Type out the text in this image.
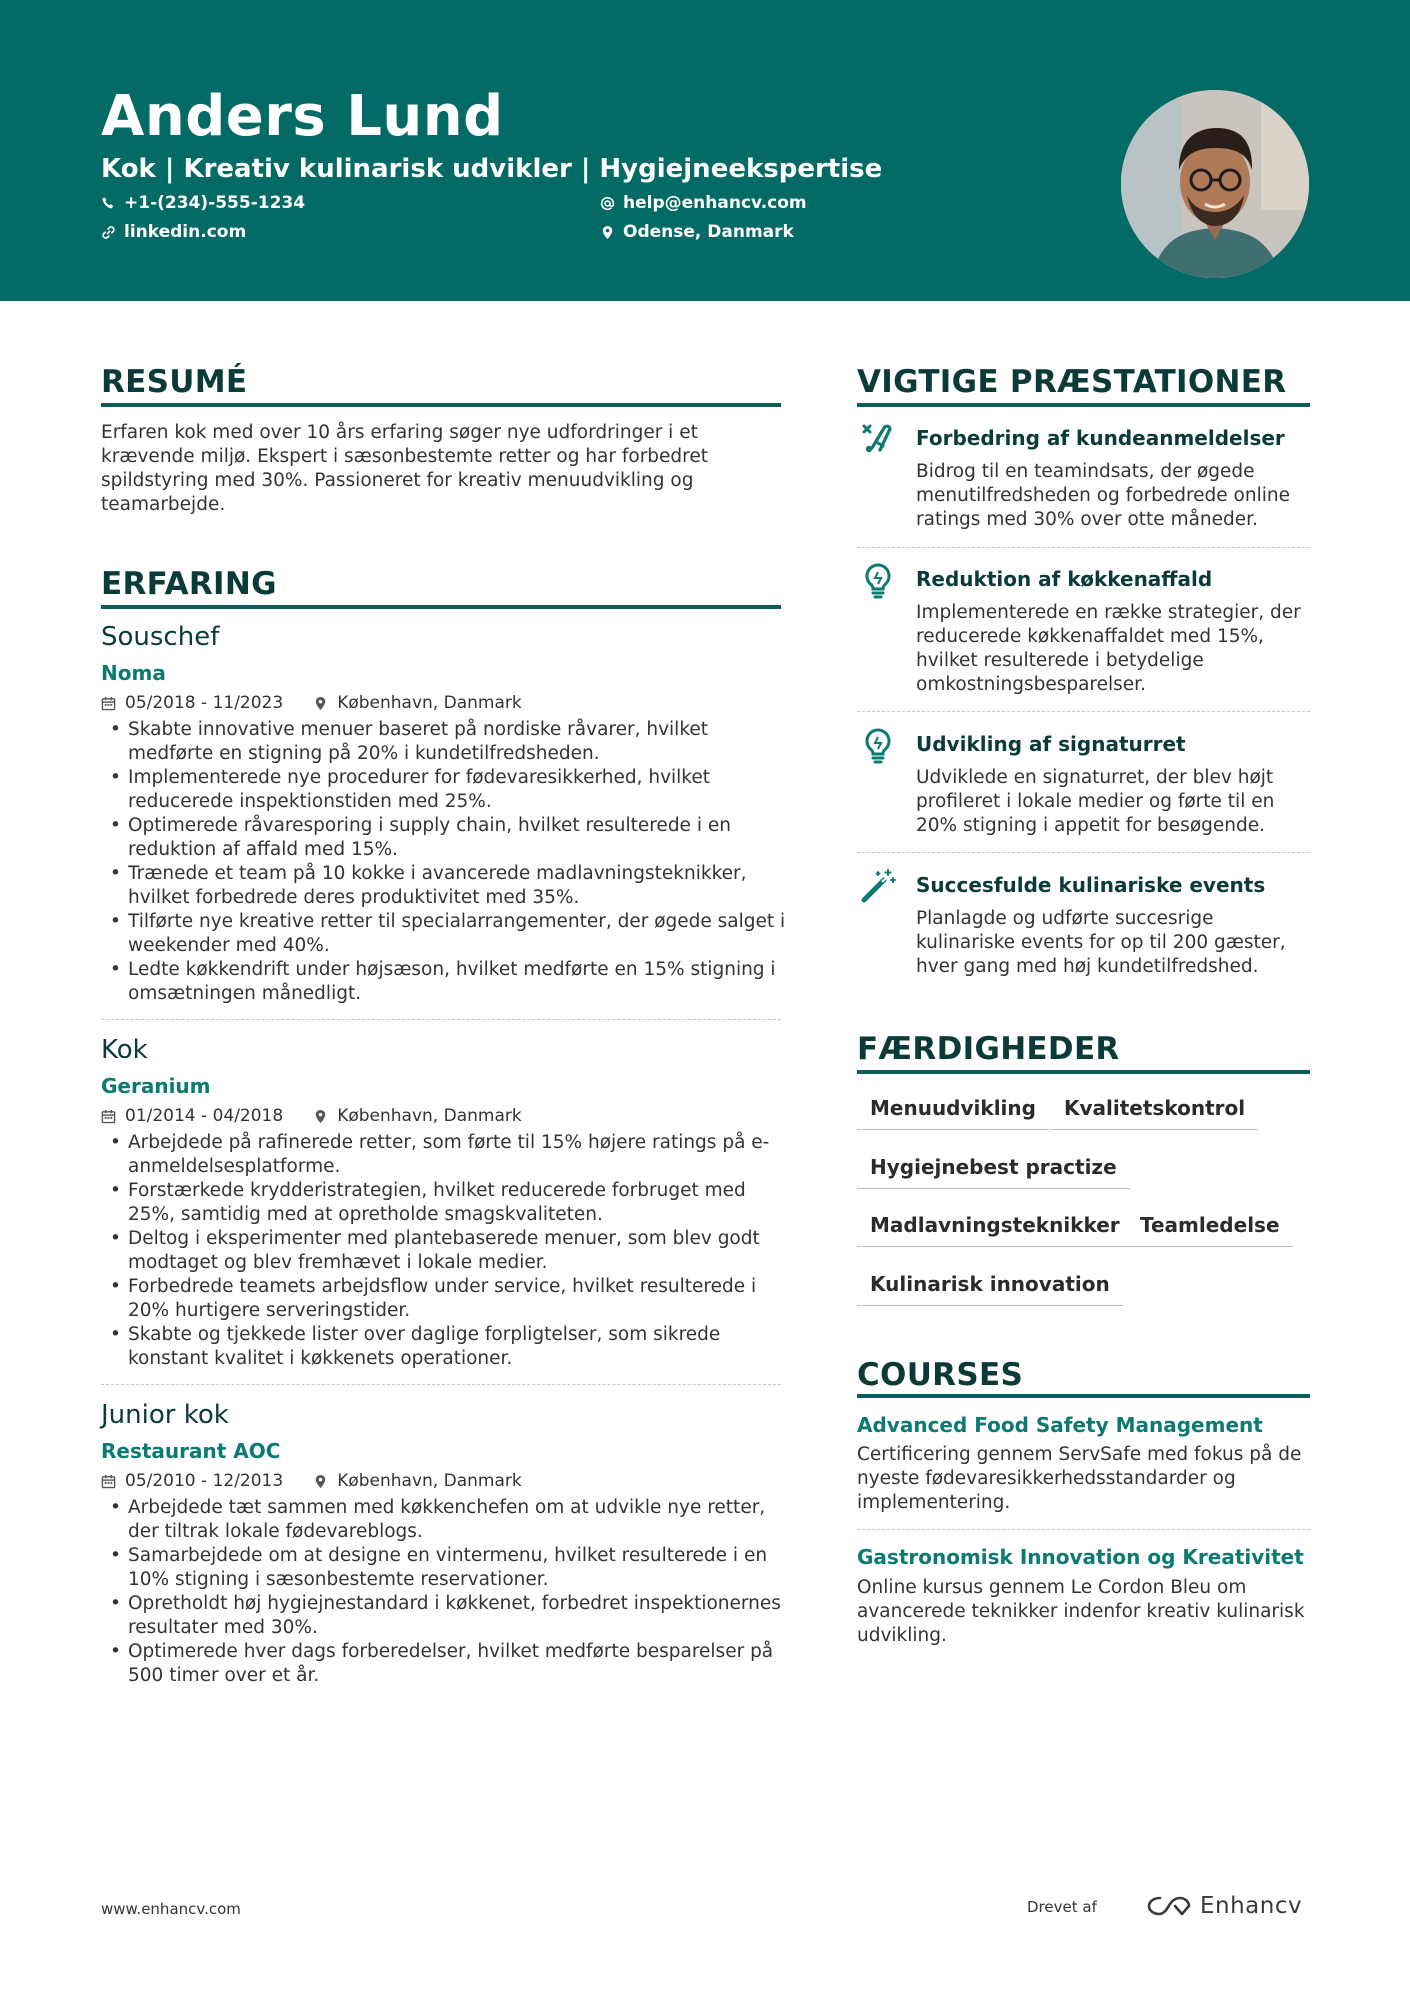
Anders Lund
Kok | Kreativ kulinarisk udvikler | Hygiejneekspertise
+1-(234)-555-1234
linkedin.com
help@enhancv.com
Odense, Danmark
RESUMÉ
Erfaren kok med over 10 års erfaring søger nye udfordringer i et krævende miljø. Ekspert i sæsonbestemte retter og har forbedret spildstyring med 30%. Passioneret for kreativ menuudvikling og teamarbejde.
ERFARING
Souschef
Noma
05/2018 - 11/2023	København, Danmark
• Skabte innovative menuer baseret på nordiske råvarer, hvilket medførte en stigning på 20% i kundetilfredsheden.
• Implementerede nye procedurer for fødevaresikkerhed, hvilket reducerede inspektionstiden med 25%.
• Optimerede råvaresporing i supply chain, hvilket resulterede i en reduktion af affald med 15%.
• Trænede et team på 10 kokke i avancerede madlavningsteknikker, hvilket forbedrede deres produktivitet med 35%.
• Tilførte nye kreative retter til specialarrangementer, der øgede salget i weekender med 40%.
• Ledte køkkendrift under højsæson, hvilket medførte en 15% stigning i omsætningen månedligt.
Kok
Geranium
01/2014 - 04/2018	København, Danmark
• Arbejdede på rafinerede retter, som førte til 15% højere ratings på e-anmeldelsesplatforme.
• Forstærkede krydderistrategien, hvilket reducerede forbruget med 25%, samtidig med at opretholde smagskvaliteten.
• Deltog i eksperimenter med plantebaserede menuer, som blev godt modtaget og blev fremhævet i lokale medier.
• Forbedrede teamets arbejdsflow under service, hvilket resulterede i 20% hurtigere serveringstider.
• Skabte og tjekkede lister over daglige forpligtelser, som sikrede konstant kvalitet i køkkenets operationer.
Junior kok
Restaurant AOC
05/2010 - 12/2013	København, Danmark
• Arbejdede tæt sammen med køkkenchefen om at udvikle nye retter, der tiltrak lokale fødevareblogs.
• Samarbejdede om at designe en vintermenu, hvilket resulterede i en 10% stigning i sæsonbestemte reservationer.
• Opretholdt høj hygiejnestandard i køkkenet, forbedret inspektionernes resultater med 30%.
• Optimerede hver dags forberedelser, hvilket medførte besparelser på 500 timer over et år.
VIGTIGE PRÆSTATIONER
Forbedring af kundeanmeldelser
Bidrog til en teamindsats, der øgede menutilfredsheden og forbedrede online ratings med 30% over otte måneder.
Reduktion af køkkenaffald
Implementerede en række strategier, der reducerede køkkenaffaldet med 15%, hvilket resulterede i betydelige omkostningsbesparelser.
Udvikling af signaturret
Udviklede en signaturret, der blev højt profileret i lokale medier og førte til en 20% stigning i appetit for besøgende.
Succesfulde kulinariske events
Planlagde og udførte succesrige kulinariske events for op til 200 gæster, hver gang med høj kundetilfredshed.
FÆRDIGHEDER
Menuudvikling	Kvalitetskontrol
Hygiejnebest practize
Madlavningsteknikker	Teamledelse
Kulinarisk innovation
COURSES
Advanced Food Safety Management
Certificering gennem ServSafe med fokus på de nyeste fødevaresikkerhedsstandarder og implementering.
Gastronomisk Innovation og Kreativitet
Online kursus gennem Le Cordon Bleu om avancerede teknikker indenfor kreativ kulinarisk udvikling.
www.enhancv.com	Drevet af	Enhancv
